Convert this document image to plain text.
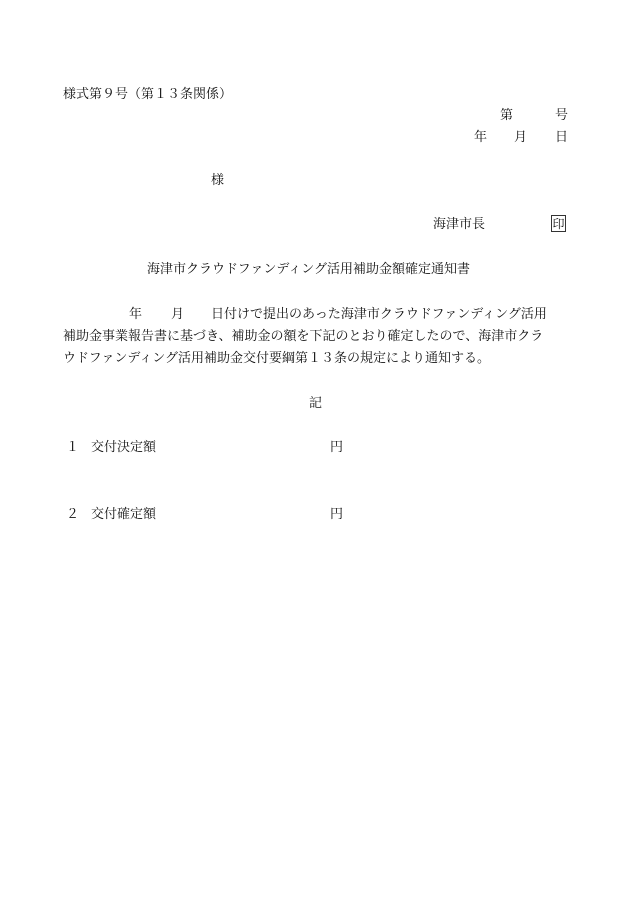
様式第９号（第１３条関係）
第	号
年 月 日
様
海津市長	印
海津市クラウドファンディング活用補助金額確定通知書
年 月 日付けで提出のあった海津市クラウドファンディング活用
補助金事業報告書に基づき、補助金の額を下記のとおり確定したので、海津市クラ
ウドファンディング活用補助金交付要綱第１３条の規定により通知する。
記
１ 交付決定額	円
２ 交付確定額	円
